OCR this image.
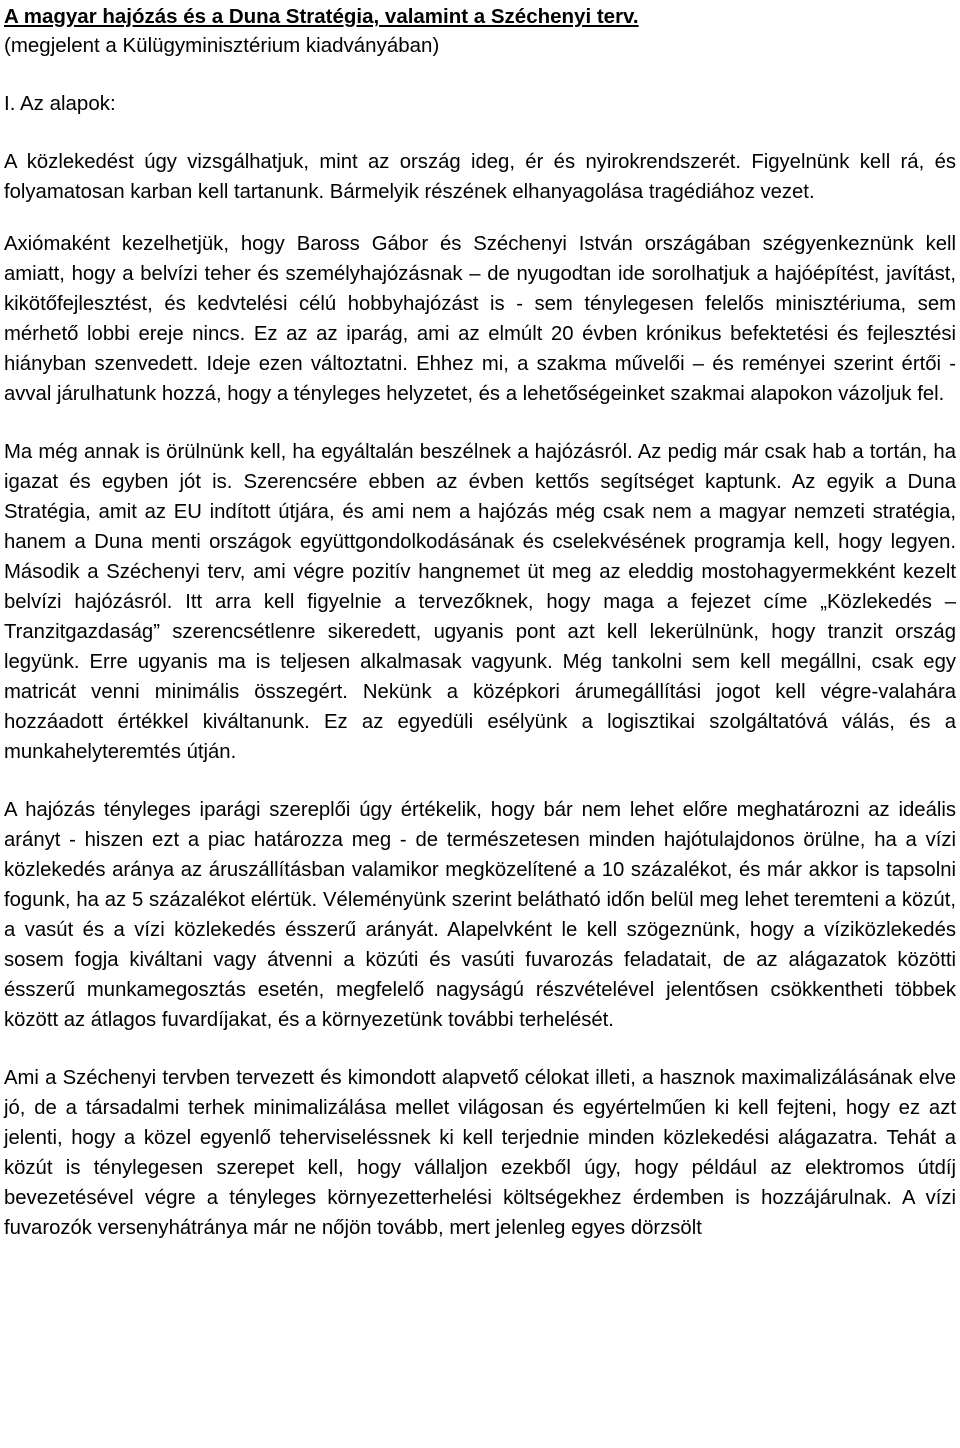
A magyar hajózás és a Duna Stratégia, valamint a Széchenyi terv.
(megjelent a Külügyminisztérium kiadványában)
I. Az alapok:

A közlekedést úgy vizsgálhatjuk, mint az ország ideg, ér és nyirokrendszerét. Figyelnünk kell rá, és folyamatosan karban kell tartanunk. Bármelyik részének elhanyagolása tragédiához vezet.

Axiómaként kezelhetjük, hogy Baross Gábor és Széchenyi István országában szégyenkeznünk kell amiatt, hogy a belvízi teher és személyhajózásnak – de nyugodtan ide sorolhatjuk a hajóépítést, javítást, kikötőfejlesztést, és kedvtelési célú hobbyhajózást is - sem ténylegesen felelős minisztériuma, sem mérhető lobbi ereje nincs. Ez az az iparág, ami az elmúlt 20 évben krónikus befektetési és fejlesztési hiányban szenvedett. Ideje ezen változtatni. Ehhez mi, a szakma művelői – és reményei szerint értői - avval járulhatunk hozzá, hogy a tényleges helyzetet, és a lehetőségeinket szakmai alapokon vázoljuk fel.

Ma még annak is örülnünk kell, ha egyáltalán beszélnek a hajózásról. Az pedig már csak hab a tortán, ha igazat és egyben jót is. Szerencsére ebben az évben kettős segítséget kaptunk. Az egyik a Duna Stratégia, amit az EU indított útjára, és ami nem a hajózás még csak nem a magyar nemzeti stratégia, hanem a Duna menti országok együttgondolkodásának és cselekvésének programja kell, hogy legyen. Második a Széchenyi terv, ami végre pozitív hangnemet üt meg az eleddig mostohagyermekként kezelt belvízi hajózásról. Itt arra kell figyelnie a tervezőknek, hogy maga a fejezet címe „Közlekedés – Tranzitgazdaság” szerencsétlenre sikeredett, ugyanis pont azt kell lekerülnünk, hogy tranzit ország legyünk. Erre ugyanis ma is teljesen alkalmasak vagyunk. Még tankolni sem kell megállni, csak egy matricát venni minimális összegért. Nekünk a középkori árumegállítási jogot kell végre-valahára hozzáadott értékkel kiváltanunk. Ez az egyedüli esélyünk a logisztikai szolgáltatóvá válás, és a munkahelyteremtés útján.

A hajózás tényleges iparági szereplői úgy értékelik, hogy bár nem lehet előre meghatározni az ideális arányt - hiszen ezt a piac határozza meg - de természetesen minden hajótulajdonos örülne, ha a vízi közlekedés aránya az áruszállításban valamikor megközelítené a 10 százalékot, és már akkor is tapsolni fogunk, ha az 5 százalékot elértük. Véleményünk szerint belátható időn belül meg lehet teremteni a közút, a vasút és a vízi közlekedés ésszerű arányát. Alapelvként le kell szögeznünk, hogy a víziközlekedés sosem fogja kiváltani vagy átvenni a közúti és vasúti fuvarozás feladatait, de az alágazatok közötti ésszerű munkamegosztás esetén, megfelelő nagyságú részvételével jelentősen csökkentheti többek között az átlagos fuvardíjakat, és a környezetünk további terhelését.

Ami a Széchenyi tervben tervezett és kimondott alapvető célokat illeti, a hasznok maximalizálásának elve jó, de a társadalmi terhek minimalizálása mellet világosan és egyértelműen ki kell fejteni, hogy ez azt jelenti, hogy a közel egyenlő teherviseléssnek ki kell terjednie minden közlekedési alágazatra. Tehát a közút is ténylegesen szerepet kell, hogy vállaljon ezekből úgy, hogy például az elektromos útdíj bevezetésével végre a tényleges környezetterhelési költségekhez érdemben is hozzájárulnak. A vízi fuvarozók versenyhátránya már ne nőjön tovább, mert jelenleg egyes dörzsölt
